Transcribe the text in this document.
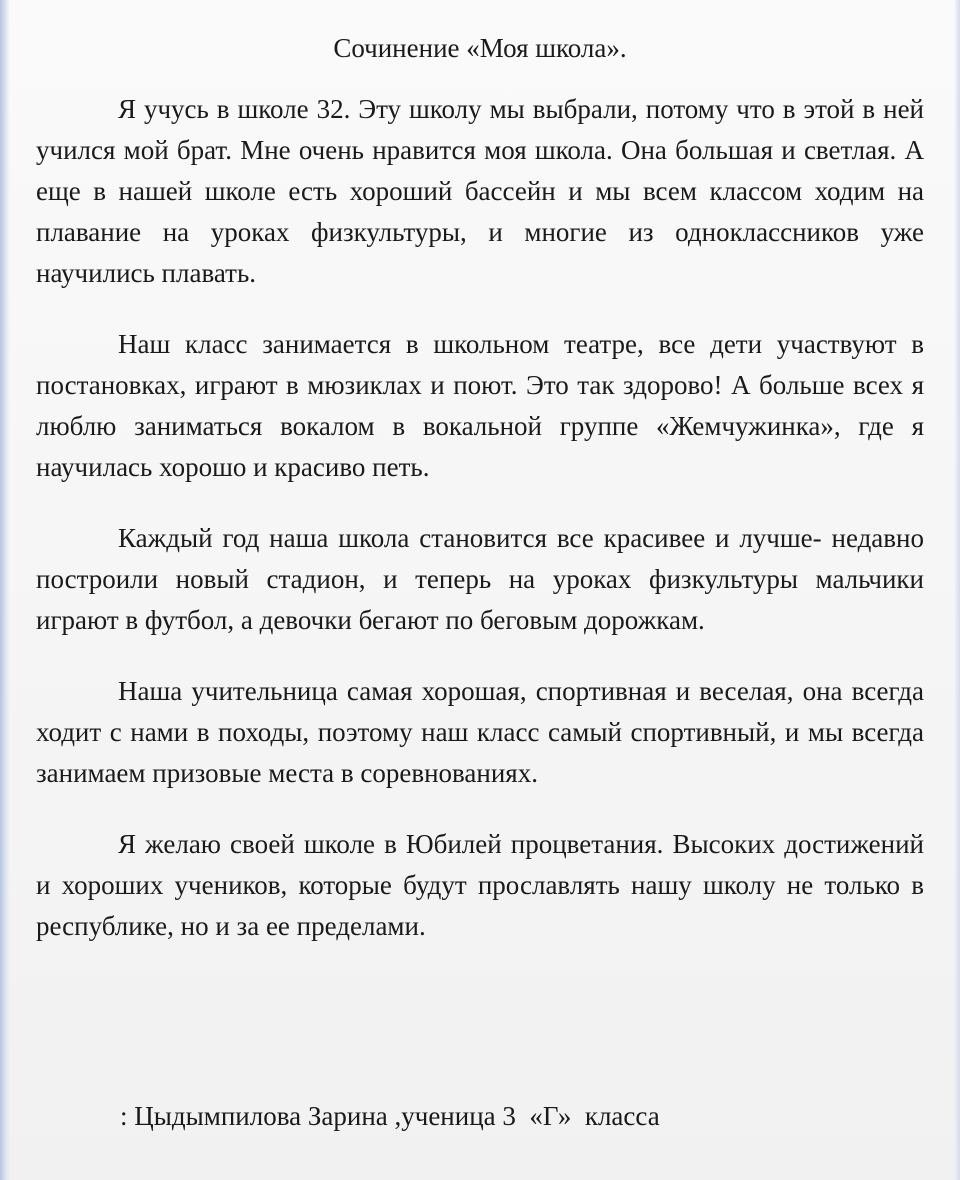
Сочинение «Моя школа».

Я учусь в школе 32. Эту школу мы выбрали, потому что в этой в ней учился мой брат. Мне очень нравится моя школа. Она большая и светлая. А еще в нашей школе есть хороший бассейн и мы всем классом ходим на плавание на уроках физкультуры, и многие из одноклассников уже научились плавать.

Наш класс занимается в школьном театре, все дети участвуют в постановках, играют в мюзиклах и поют. Это так здорово! А больше всех я люблю заниматься вокалом в вокальной группе «Жемчужинка», где я научилась хорошо и красиво петь.

Каждый год наша школа становится все красивее и лучше- недавно построили новый стадион, и теперь на уроках физкультуры мальчики играют в футбол, а девочки бегают по беговым дорожкам.

Наша учительница самая хорошая, спортивная и веселая, она всегда ходит с нами в походы, поэтому наш класс самый спортивный, и мы всегда занимаем призовые места в соревнованиях.

Я желаю своей школе в Юбилей процветания. Высоких достижений и хороших учеников, которые будут прославлять нашу школу не только в республике, но и за ее пределами.

: Цыдымпилова Зарина ,ученица 3  «Г»  класса
